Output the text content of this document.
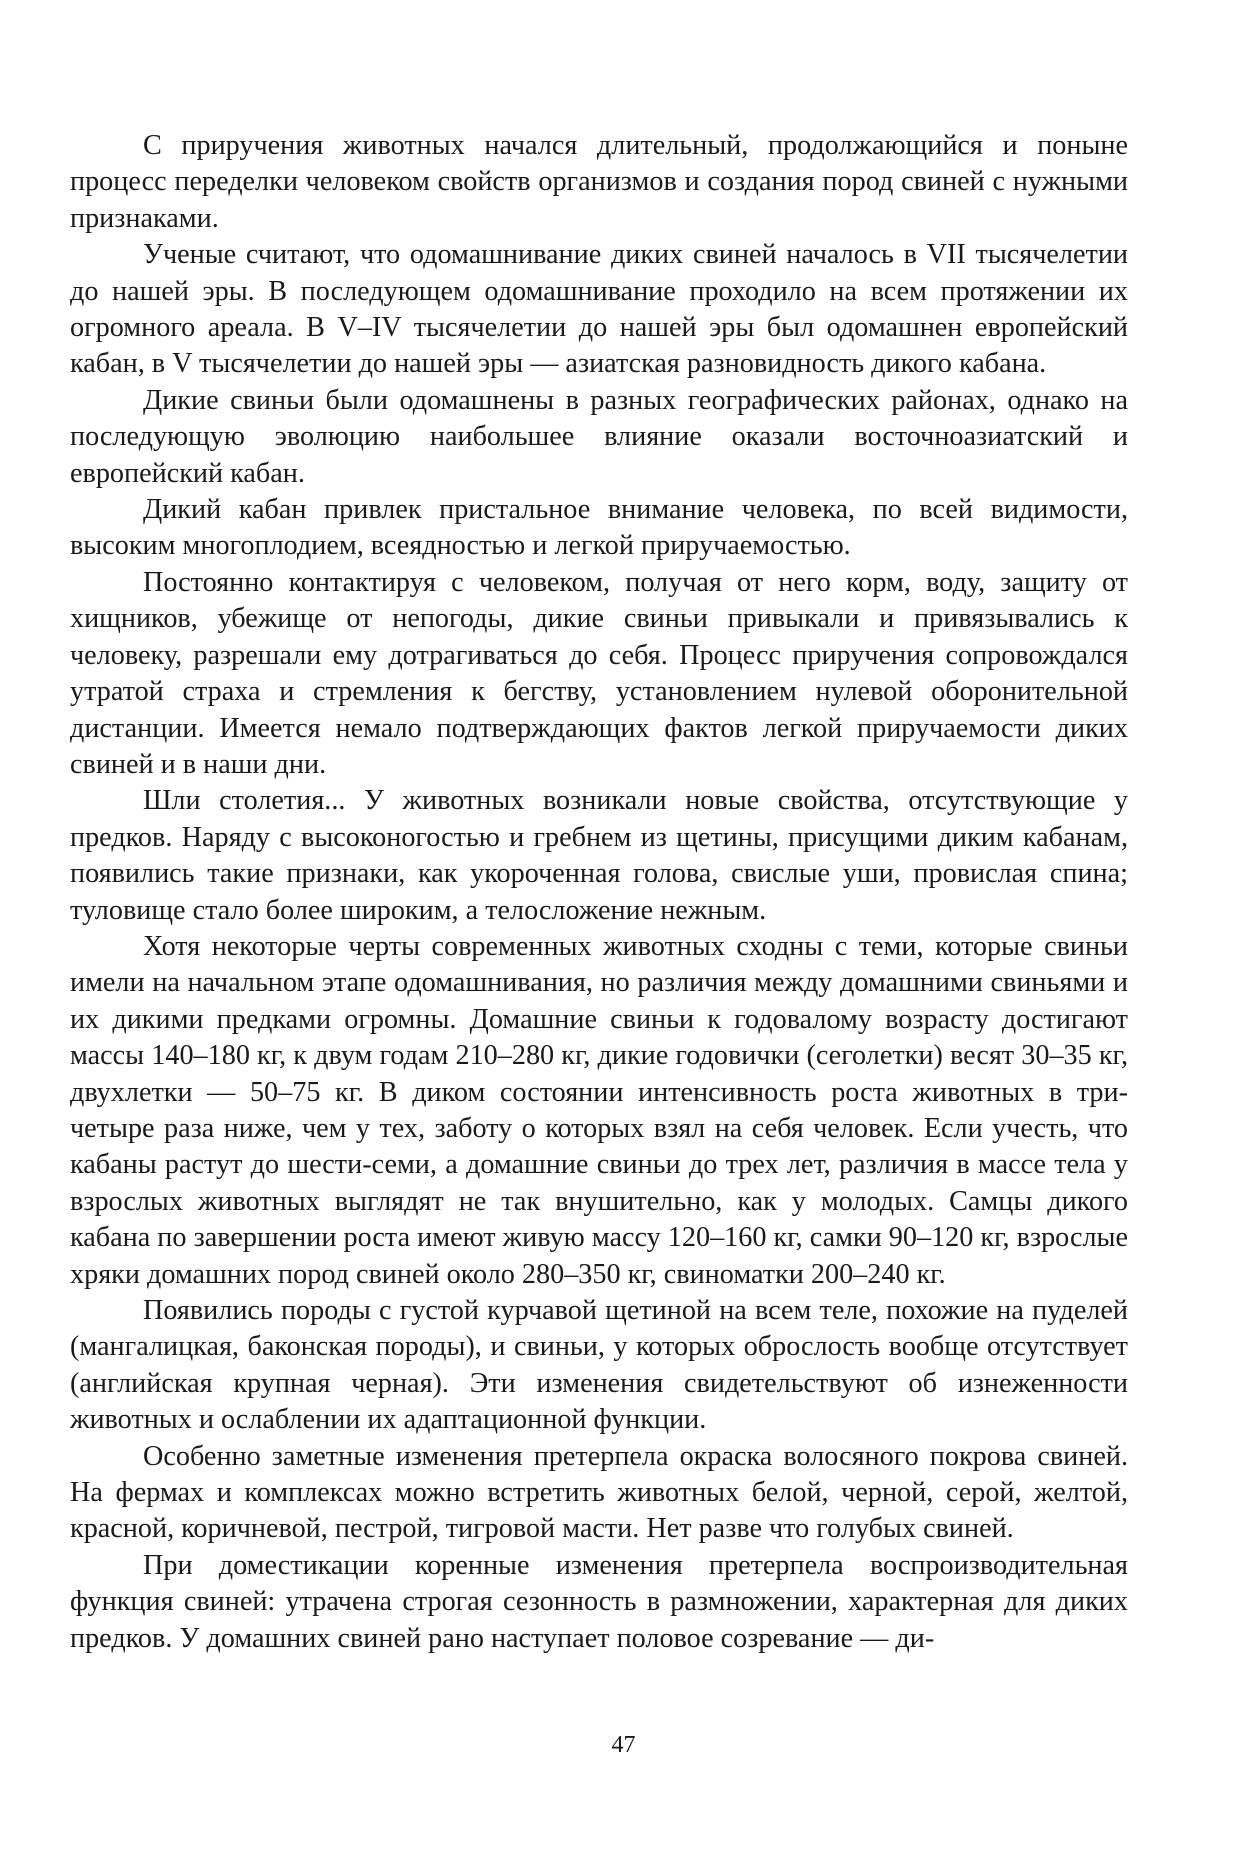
С приручения животных начался длительный, продолжающийся и поныне процесс переделки человеком свойств организмов и создания пород свиней с нужными признаками.

Ученые считают, что одомашнивание диких свиней началось в VII тысячелетии до нашей эры. В последующем одомашнивание проходило на всем протяжении их огромного ареала. В V–IV тысячелетии до нашей эры был одомашнен европейский кабан, в V тысячелетии до нашей эры — азиатская разновидность дикого кабана.

Дикие свиньи были одомашнены в разных географических районах, однако на последующую эволюцию наибольшее влияние оказали восточноазиатский и европейский кабан.

Дикий кабан привлек пристальное внимание человека, по всей видимости, высоким многоплодием, всеядностью и легкой приручаемостью.

Постоянно контактируя с человеком, получая от него корм, воду, защиту от хищников, убежище от непогоды, дикие свиньи привыкали и привязывались к человеку, разрешали ему дотрагиваться до себя. Процесс приручения сопровождался утратой страха и стремления к бегству, установлением нулевой оборонительной дистанции. Имеется немало подтверждающих фактов легкой приручаемости диких свиней и в наши дни.

Шли столетия... У животных возникали новые свойства, отсутствующие у предков. Наряду с высоконогостью и гребнем из щетины, присущими диким кабанам, появились такие признаки, как укороченная голова, свислые уши, провислая спина; туловище стало более широким, а телосложение нежным.

Хотя некоторые черты современных животных сходны с теми, которые свиньи имели на начальном этапе одомашнивания, но различия между домашними свиньями и их дикими предками огромны. Домашние свиньи к годовалому возрасту достигают массы 140–180 кг, к двум годам 210–280 кг, дикие годовички (сеголетки) весят 30–35 кг, двухлетки — 50–75 кг. В диком состоянии интенсивность роста животных в три-четыре раза ниже, чем у тех, заботу о которых взял на себя человек. Если учесть, что кабаны растут до шести-семи, а домашние свиньи до трех лет, различия в массе тела у взрослых животных выглядят не так внушительно, как у молодых. Самцы дикого кабана по завершении роста имеют живую массу 120–160 кг, самки 90–120 кг, взрослые хряки домашних пород свиней около 280–350 кг, свиноматки 200–240 кг.

Появились породы с густой курчавой щетиной на всем теле, похожие на пуделей (мангалицкая, баконская породы), и свиньи, у которых оброслость вообще отсутствует (английская крупная черная). Эти изменения свидетельствуют об изнеженности животных и ослаблении их адаптационной функции.

Особенно заметные изменения претерпела окраска волосяного покрова свиней. На фермах и комплексах можно встретить животных белой, черной, серой, желтой, красной, коричневой, пестрой, тигровой масти. Нет разве что голубых свиней.

При доместикации коренные изменения претерпела воспроизводительная функция свиней: утрачена строгая сезонность в размножении, характерная для диких предков. У домашних свиней рано наступает половое созревание — ди-

47
